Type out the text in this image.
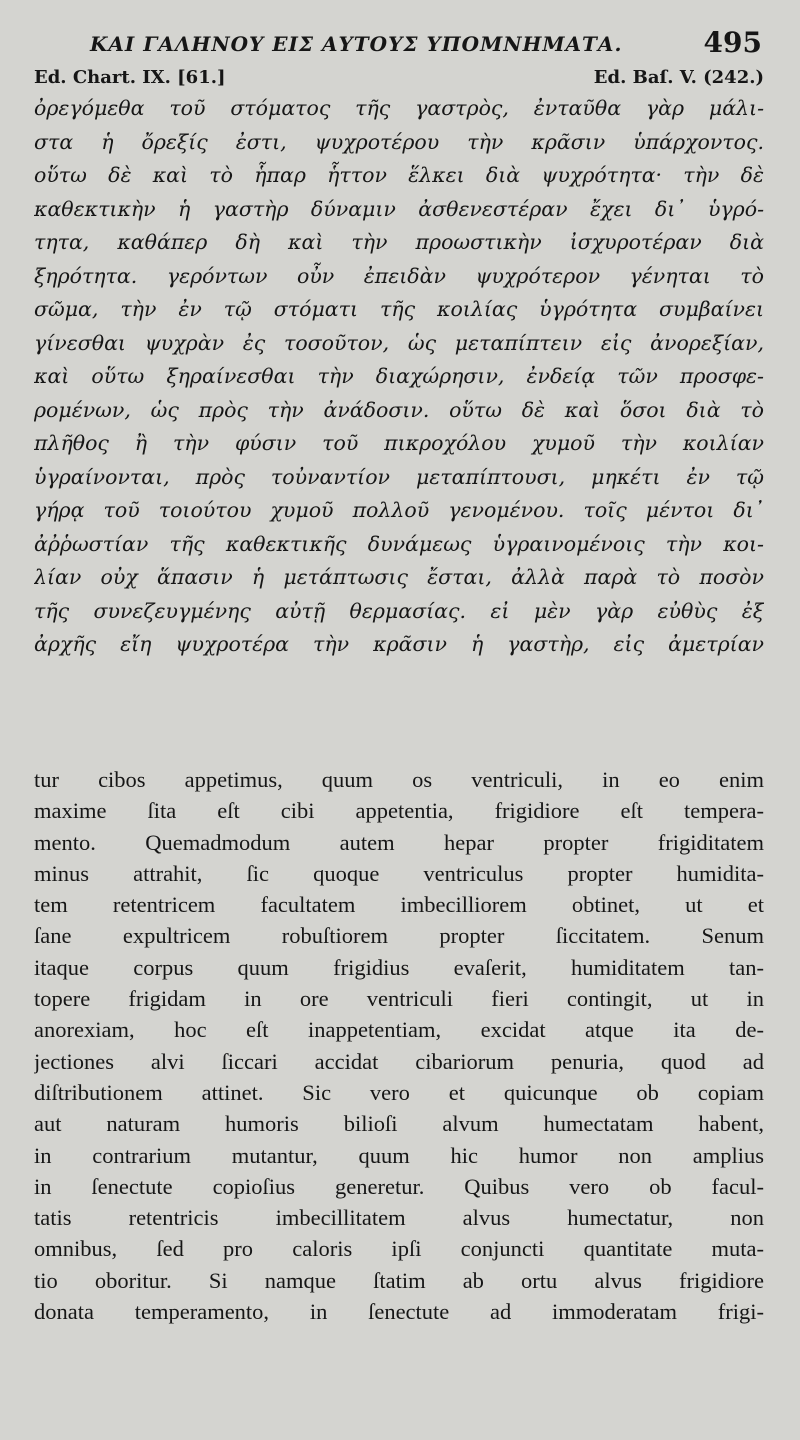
ΚΑΙ ΓΑΛΗΝΟΥ ΕΙΣ ΑΥΤΟΥΣ ΥΠΟΜΝΗΜΑΤΑ.	495
Ed. Chart. IX. [61.]	Ed. Baſ. V. (242.)
ὀρεγόμεθα τοῦ στόματος τῆς γαστρὸς, ἐνταῦθα γὰρ μάλι-
στα ἡ ὄρεξίς ἐστι, ψυχροτέρου τὴν κρᾶσιν ὑπάρχοντος.
οὕτω δὲ καὶ τὸ ἧπαρ ἧττον ἕλκει διὰ ψυχρότητα· τὴν δὲ
καθεκτικὴν ἡ γαστὴρ δύναμιν ἀσθενεστέραν ἔχει δι᾽ ὑγρό-
τητα, καθάπερ δὴ καὶ τὴν προωστικὴν ἰσχυροτέραν διὰ
ξηρότητα. γερόντων οὖν ἐπειδὰν ψυχρότερον γένηται τὸ
σῶμα, τὴν ἐν τῷ στόματι τῆς κοιλίας ὑγρότητα συμβαίνει
γίνεσθαι ψυχρὰν ἐς τοσοῦτον, ὡς μεταπίπτειν εἰς ἀνορεξίαν,
καὶ οὕτω ξηραίνεσθαι τὴν διαχώρησιν, ἐνδείᾳ τῶν προσφε-
ρομένων, ὡς πρὸς τὴν ἀνάδοσιν. οὕτω δὲ καὶ ὅσοι διὰ τὸ
πλῆθος ἢ τὴν φύσιν τοῦ πικροχόλου χυμοῦ τὴν κοιλίαν
ὑγραίνονται, πρὸς τοὐναντίον μεταπίπτουσι, μηκέτι ἐν τῷ
γήρᾳ τοῦ τοιούτου χυμοῦ πολλοῦ γενομένου. τοῖς μέντοι δι᾽
ἀῤῥωστίαν τῆς καθεκτικῆς δυνάμεως ὑγραινομένοις τὴν κοι-
λίαν οὐχ ἅπασιν ἡ μετάπτωσις ἔσται, ἀλλὰ παρὰ τὸ ποσὸν
τῆς συνεζευγμένης αὐτῇ θερμασίας. εἰ μὲν γὰρ εὐθὺς ἐξ
ἀρχῆς εἴη ψυχροτέρα τὴν κρᾶσιν ἡ γαστὴρ, εἰς ἀμετρίαν
tur cibos appetimus, quum os ventriculi, in eo enim
maxime ſita eſt cibi appetentia, frigidiore eſt tempera-
mento. Quemadmodum autem hepar propter frigiditatem
minus attrahit, ſic quoque ventriculus propter humidita-
tem retentricem facultatem imbecilliorem obtinet, ut et
ſane expultricem robuſtiorem propter ſiccitatem. Senum
itaque corpus quum frigidius evaſerit, humiditatem tan-
topere frigidam in ore ventriculi fieri contingit, ut in
anorexiam, hoc eſt inappetentiam, excidat atque ita de-
jectiones alvi ſiccari accidat cibariorum penuria, quod ad
diſtributionem attinet. Sic vero et quicunque ob copiam
aut naturam humoris bilioſi alvum humectatam habent,
in contrarium mutantur, quum hic humor non amplius
in ſenectute copioſius generetur. Quibus vero ob facul-
tatis retentricis imbecillitatem alvus humectatur, non
omnibus, ſed pro caloris ipſi conjuncti quantitate muta-
tio oboritur. Si namque ſtatim ab ortu alvus frigidiore
donata temperamento, in ſenectute ad immoderatam frigi-
